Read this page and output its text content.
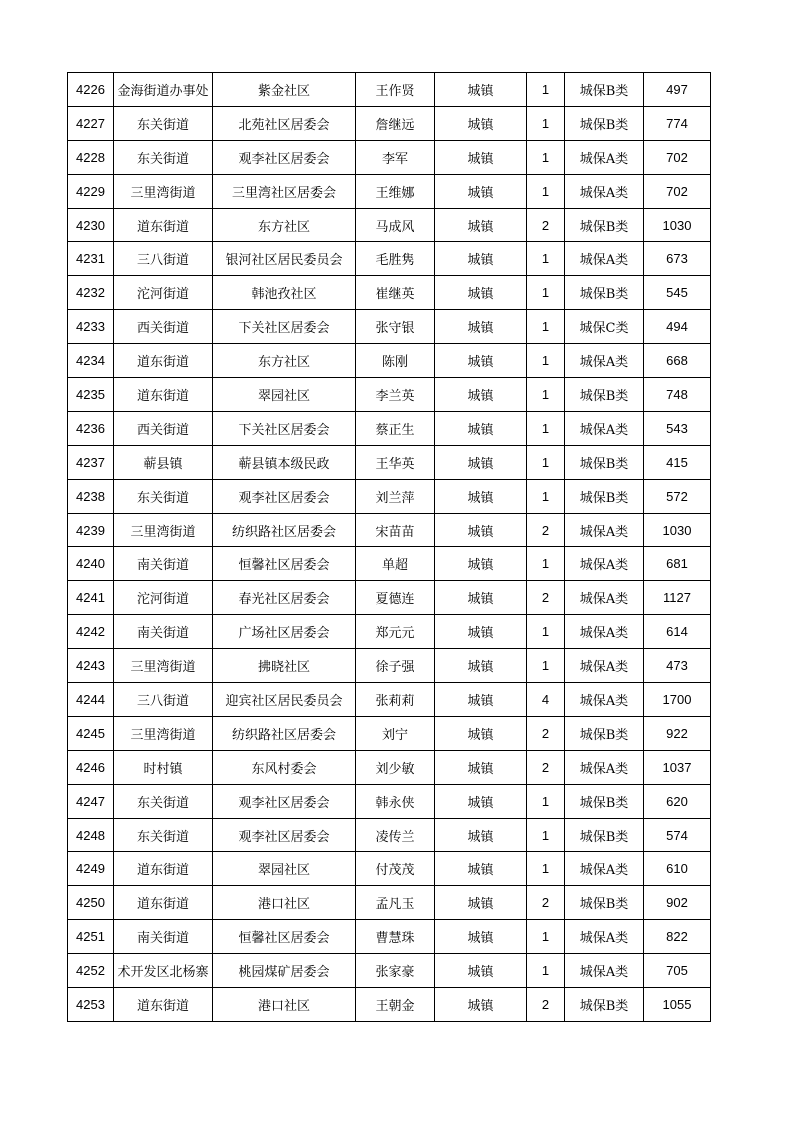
4226	金海街道办事处	紫金社区	王作贤	城镇	1	城保B类	497
4227	东关街道	北苑社区居委会	詹继远	城镇	1	城保B类	774
4228	东关街道	观李社区居委会	李军	城镇	1	城保A类	702
4229	三里湾街道	三里湾社区居委会	王维娜	城镇	1	城保A类	702
4230	道东街道	东方社区	马成风	城镇	2	城保B类	1030
4231	三八街道	银河社区居民委员会	毛胜隽	城镇	1	城保A类	673
4232	沱河街道	韩池孜社区	崔继英	城镇	1	城保B类	545
4233	西关街道	下关社区居委会	张守银	城镇	1	城保C类	494
4234	道东街道	东方社区	陈刚	城镇	1	城保A类	668
4235	道东街道	翠园社区	李兰英	城镇	1	城保B类	748
4236	西关街道	下关社区居委会	蔡正生	城镇	1	城保A类	543
4237	蕲县镇	蕲县镇本级民政	王华英	城镇	1	城保B类	415
4238	东关街道	观李社区居委会	刘兰萍	城镇	1	城保B类	572
4239	三里湾街道	纺织路社区居委会	宋苗苗	城镇	2	城保A类	1030
4240	南关街道	恒馨社区居委会	单超	城镇	1	城保A类	681
4241	沱河街道	春光社区居委会	夏德连	城镇	2	城保A类	1127
4242	南关街道	广场社区居委会	郑元元	城镇	1	城保A类	614
4243	三里湾街道	拂晓社区	徐子强	城镇	1	城保A类	473
4244	三八街道	迎宾社区居民委员会	张莉莉	城镇	4	城保A类	1700
4245	三里湾街道	纺织路社区居委会	刘宁	城镇	2	城保B类	922
4246	时村镇	东风村委会	刘少敏	城镇	2	城保A类	1037
4247	东关街道	观李社区居委会	韩永侠	城镇	1	城保B类	620
4248	东关街道	观李社区居委会	凌传兰	城镇	1	城保B类	574
4249	道东街道	翠园社区	付茂茂	城镇	1	城保A类	610
4250	道东街道	港口社区	孟凡玉	城镇	2	城保B类	902
4251	南关街道	恒馨社区居委会	曹慧珠	城镇	1	城保A类	822
4252	术开发区北杨寨	桃园煤矿居委会	张家豪	城镇	1	城保A类	705
4253	道东街道	港口社区	王朝金	城镇	2	城保B类	1055
